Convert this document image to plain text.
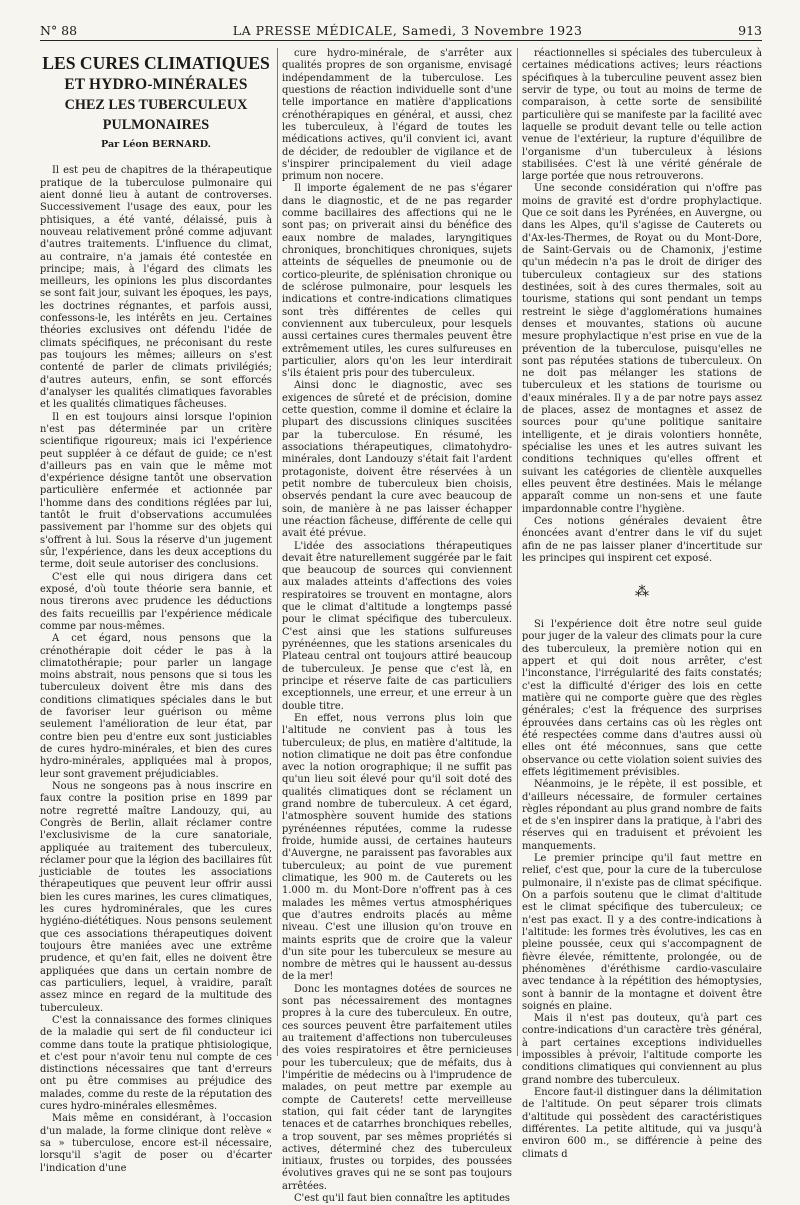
N° 88	LA PRESSE MÉDICALE, Samedi, 3 Novembre 1923	913
LES CURES CLIMATIQUES
ET HYDRO-MINÉRALES
CHEZ LES TUBERCULEUX PULMONAIRES
Par Léon BERNARD.

Il est peu de chapitres de la thérapeutique pratique de la tuberculose pulmonaire qui aient donné lieu à autant de controverses. Successivement l'usage des eaux, pour les phtisiques, a été vanté, délaissé, puis à nouveau relativement prôné comme adjuvant d'autres traitements. L'influence du climat, au contraire, n'a jamais été contestée en principe; mais, à l'égard des climats les meilleurs, les opinions les plus discordantes se sont fait jour, suivant les époques, les pays, les doctrines régnantes, et parfois aussi, confessons-le, les intérêts en jeu. Certaines théories exclusives ont défendu l'idée de climats spécifiques, ne préconisant du reste pas toujours les mêmes; ailleurs on s'est contenté de parler de climats privilégiés; d'autres auteurs, enfin, se sont efforcés d'analyser les qualités climatiques favorables et les qualités climatiques fâcheuses.

Il en est toujours ainsi lorsque l'opinion n'est pas déterminée par un critère scientifique rigoureux; mais ici l'expérience peut suppléer à ce défaut de guide; ce n'est d'ailleurs pas en vain que le même mot d'expérience désigne tantôt une observation particulière enfermée et actionnée par l'homme dans des conditions réglées par lui, tantôt le fruit d'observations accumulées passivement par l'homme sur des objets qui s'offrent à lui. Sous la réserve d'un jugement sûr, l'expérience, dans les deux acceptions du terme, doit seule autoriser des conclusions.

C'est elle qui nous dirigera dans cet exposé, d'où toute théorie sera bannie, et nous tirerons avec prudence les déductions des faits recueillis par l'expérience médicale comme par nous-mêmes.

A cet égard, nous pensons que la crénothérapie doit céder le pas à la climatothérapie; pour parler un langage moins abstrait, nous pensons que si tous les tuberculeux doivent être mis dans des conditions climatiques spéciales dans le but de favoriser leur guérison ou même seulement l'amélioration de leur état, par contre bien peu d'entre eux sont justiciables de cures hydro-minérales, et bien des cures hydro-minérales, appliquées mal à propos, leur sont gravement préjudiciables.

Nous ne songeons pas à nous inscrire en faux contre la position prise en 1899 par notre regretté maître Landouzy, qui, au Congrès de Berlin, allait réclamer contre l'exclusivisme de la cure sanatoriale, appliquée au traitement des tuberculeux, réclamer pour que la légion des bacillaires fût justiciable de toutes les associations thérapeutiques que peuvent leur offrir aussi bien les cures marines, les cures climatiques, les cures hydrominérales, que les cures hygiéno-diététiques. Nous pensons seulement que ces associations thérapeutiques doivent toujours être maniées avec une extrême prudence, et qu'en fait, elles ne doivent être appliquées que dans un certain nombre de cas particuliers, lequel, à vraidire, paraît assez mince en regard de la multitude des tuberculeux.

C'est la connaissance des formes cliniques de la maladie qui sert de fil conducteur ici comme dans toute la pratique phtisiologique, et c'est pour n'avoir tenu nul compte de ces distinctions nécessaires que tant d'erreurs ont pu être commises au préjudice des malades, comme du reste de la réputation des cures hydro-minérales ellesmêmes.

Mais même en considérant, à l'occasion d'un malade, la forme clinique dont relève « sa » tuberculose, encore est-il nécessaire, lorsqu'il s'agit de poser ou d'écarter l'indication d'une

cure hydro-minérale, de s'arrêter aux qualités propres de son organisme, envisagé indépendamment de la tuberculose. Les questions de réaction individuelle sont d'une telle importance en matière d'applications crénothérapiques en général, et aussi, chez les tuberculeux, à l'égard de toutes les médications actives, qu'il convient ici, avant de décider, de redoubler de vigilance et de s'inspirer principalement du vieil adage primum non nocere.

Il importe également de ne pas s'égarer dans le diagnostic, et de ne pas regarder comme bacillaires des affections qui ne le sont pas; on priverait ainsi du bénéfice des eaux nombre de malades, laryngitiques chroniques, bronchitiques chroniques, sujets atteints de séquelles de pneumonie ou de cortico-pleurite, de splénisation chronique ou de sclérose pulmonaire, pour lesquels les indications et contre-indications climatiques sont très différentes de celles qui conviennent aux tuberculeux, pour lesquels aussi certaines cures thermales peuvent être extrêmement utiles, les cures sulfureuses en particulier, alors qu'on les leur interdirait s'ils étaient pris pour des tuberculeux.

Ainsi donc le diagnostic, avec ses exigences de sûreté et de précision, domine cette question, comme il domine et éclaire la plupart des discussions cliniques suscitées par la tuberculose. En résumé, les associations thérapeutiques, climatohydro-minérales, dont Landouzy s'était fait l'ardent protagoniste, doivent être réservées à un petit nombre de tuberculeux bien choisis, observés pendant la cure avec beaucoup de soin, de manière à ne pas laisser échapper une réaction fâcheuse, différente de celle qui avait été prévue.

L'idée des associations thérapeutiques devait être naturellement suggérée par le fait que beaucoup de sources qui conviennent aux malades atteints d'affections des voies respiratoires se trouvent en montagne, alors que le climat d'altitude a longtemps passé pour le climat spécifique des tuberculeux. C'est ainsi que les stations sulfureuses pyrénéennes, que les stations arsenicales du Plateau central ont toujours attiré beaucoup de tuberculeux. Je pense que c'est là, en principe et réserve faite de cas particuliers exceptionnels, une erreur, et une erreur à un double titre.

En effet, nous verrons plus loin que l'altitude ne convient pas à tous les tuberculeux; de plus, en matière d'altitude, la notion climatique ne doit pas être confondue avec la notion orographique; il ne suffit pas qu'un lieu soit élevé pour qu'il soit doté des qualités climatiques dont se réclament un grand nombre de tuberculeux. A cet égard, l'atmosphère souvent humide des stations pyrénéennes réputées, comme la rudesse froide, humide aussi, de certaines hauteurs d'Auvergne, ne paraissent pas favorables aux tuberculeux; au point de vue purement climatique, les 900 m. de Cauterets ou les 1.000 m. du Mont-Dore n'offrent pas à ces malades les mêmes vertus atmosphériques que d'autres endroits placés au même niveau. C'est une illusion qu'on trouve en maints esprits que de croire que la valeur d'un site pour les tuberculeux se mesure au nombre de mètres qui le haussent au-dessus de la mer!

Donc les montagnes dotées de sources ne sont pas nécessairement des montagnes propres à la cure des tuberculeux. En outre, ces sources peuvent être parfaitement utiles au traitement d'affections non tuberculeuses des voies respiratoires et être pernicieuses pour les tuberculeux; que de méfaits, dus à l'impéritie de médecins ou à l'imprudence de malades, on peut mettre par exemple au compte de Cauterets! cette merveilleuse station, qui fait céder tant de laryngites tenaces et de catarrhes bronchiques rebelles, a trop souvent, par ses mêmes propriétés si actives, déterminé chez des tuberculeux initiaux, frustes ou torpides, des poussées évolutives graves qui ne se sont pas toujours arrêtées.

C'est qu'il faut bien connaître les aptitudes

réactionnelles si spéciales des tuberculeux à certaines médications actives; leurs réactions spécifiques à la tuberculine peuvent assez bien servir de type, ou tout au moins de terme de comparaison, à cette sorte de sensibilité particulière qui se manifeste par la facilité avec laquelle se produit devant telle ou telle action venue de l'extérieur, la rupture d'équilibre de l'organisme d'un tuberculeux à lésions stabilisées. C'est là une vérité générale de large portée que nous retrouverons.

Une seconde considération qui n'offre pas moins de gravité est d'ordre prophylactique. Que ce soit dans les Pyrénées, en Auvergne, ou dans les Alpes, qu'il s'agisse de Cauterets ou d'Ax-les-Thermes, de Royat ou du Mont-Dore, de Saint-Gervais ou de Chamonix, j'estime qu'un médecin n'a pas le droit de diriger des tuberculeux contagieux sur des stations destinées, soit à des cures thermales, soit au tourisme, stations qui sont pendant un temps restreint le siège d'agglomérations humaines denses et mouvantes, stations où aucune mesure prophylactique n'est prise en vue de la prévention de la tuberculose, puisqu'elles ne sont pas réputées stations de tuberculeux. On ne doit pas mélanger les stations de tuberculeux et les stations de tourisme ou d'eaux minérales. Il y a de par notre pays assez de places, assez de montagnes et assez de sources pour qu'une politique sanitaire intelligente, et je dirais volontiers honnête, spécialise les unes et les autres suivant les conditions techniques qu'elles offrent et suivant les catégories de clientèle auxquelles elles peuvent être destinées. Mais le mélange apparaît comme un non-sens et une faute impardonnable contre l'hygiène.

Ces notions générales devaient être énoncées avant d'entrer dans le vif du sujet afin de ne pas laisser planer d'incertitude sur les principes qui inspirent cet exposé.

⁂

Si l'expérience doit être notre seul guide pour juger de la valeur des climats pour la cure des tuberculeux, la première notion qui en appert et qui doit nous arrêter, c'est l'inconstance, l'irrégularité des faits constatés; c'est la difficulté d'ériger des lois en cette matière qui ne comporte guère que des règles générales; c'est la fréquence des surprises éprouvées dans certains cas où les règles ont été respectées comme dans d'autres aussi où elles ont été méconnues, sans que cette observance ou cette violation soient suivies des effets légitimement prévisibles.

Néanmoins, je le répète, il est possible, et d'ailleurs nécessaire, de formuler certaines règles répondant au plus grand nombre de faits et de s'en inspirer dans la pratique, à l'abri des réserves qui en traduisent et prévoient les manquements.

Le premier principe qu'il faut mettre en relief, c'est que, pour la cure de la tuberculose pulmonaire, il n'existe pas de climat spécifique. On a parfois soutenu que le climat d'altitude est le climat spécifique des tuberculeux; ce n'est pas exact. Il y a des contre-indications à l'altitude: les formes très évolutives, les cas en pleine poussée, ceux qui s'accompagnent de fièvre élevée, rémittente, prolongée, ou de phénomènes d'éréthisme cardio-vasculaire avec tendance à la répétition des hémoptysies, sont à bannir de la montagne et doivent être soignés en plaine.

Mais il n'est pas douteux, qu'à part ces contre-indications d'un caractère très général, à part certaines exceptions individuelles impossibles à prévoir, l'altitude comporte les conditions climatiques qui conviennent au plus grand nombre des tuberculeux.

Encore faut-il distinguer dans la délimitation de l'altitude. On peut séparer trois climats d'altitude qui possèdent des caractéristiques différentes. La petite altitude, qui va jusqu'à environ 600 m., se différencie à peine des climats d
